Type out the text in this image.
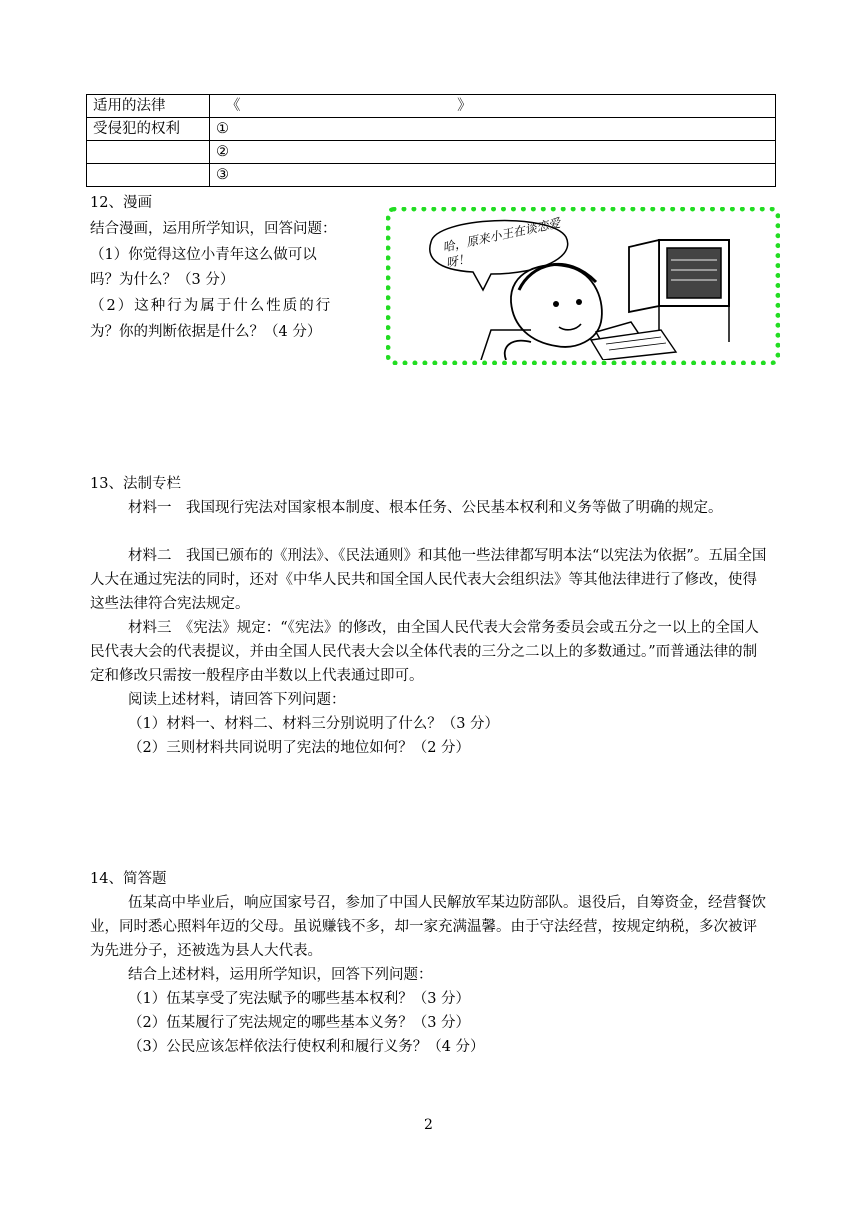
适用的法律	《                                               》
受侵犯的权利	①
	②
	③
12、漫画
结合漫画，运用所学知识，回答问题：
（1）你觉得这位小青年这么做可以
吗？为什么？（3 分）
（2）这种行为属于什么性质的行
为？你的判断依据是什么？（4 分）
哈，原来小王在谈恋爱呀！
13、法制专栏
材料一　我国现行宪法对国家根本制度、根本任务、公民基本权利和义务等做了明确的规定。
材料二　我国已颁布的《刑法》、《民法通则》和其他一些法律都写明本法“以宪法为依据”。五届全国人大在通过宪法的同时，还对《中华人民共和国全国人民代表大会组织法》等其他法律进行了修改，使得这些法律符合宪法规定。
材料三　《宪法》规定：“《宪法》的修改，由全国人民代表大会常务委员会或五分之一以上的全国人民代表大会的代表提议，并由全国人民代表大会以全体代表的三分之二以上的多数通过。”而普通法律的制定和修改只需按一般程序由半数以上代表通过即可。
阅读上述材料，请回答下列问题：
（1）材料一、材料二、材料三分别说明了什么？（3 分）
（2）三则材料共同说明了宪法的地位如何？（2 分）
14、简答题
伍某高中毕业后，响应国家号召，参加了中国人民解放军某边防部队。退役后，自筹资金，经营餐饮业，同时悉心照料年迈的父母。虽说赚钱不多，却一家充满温馨。由于守法经营，按规定纳税，多次被评为先进分子，还被选为县人大代表。
结合上述材料，运用所学知识，回答下列问题：
（1）伍某享受了宪法赋予的哪些基本权利？（3 分）
（2）伍某履行了宪法规定的哪些基本义务？（3 分）
（3）公民应该怎样依法行使权利和履行义务？（4 分）
2
